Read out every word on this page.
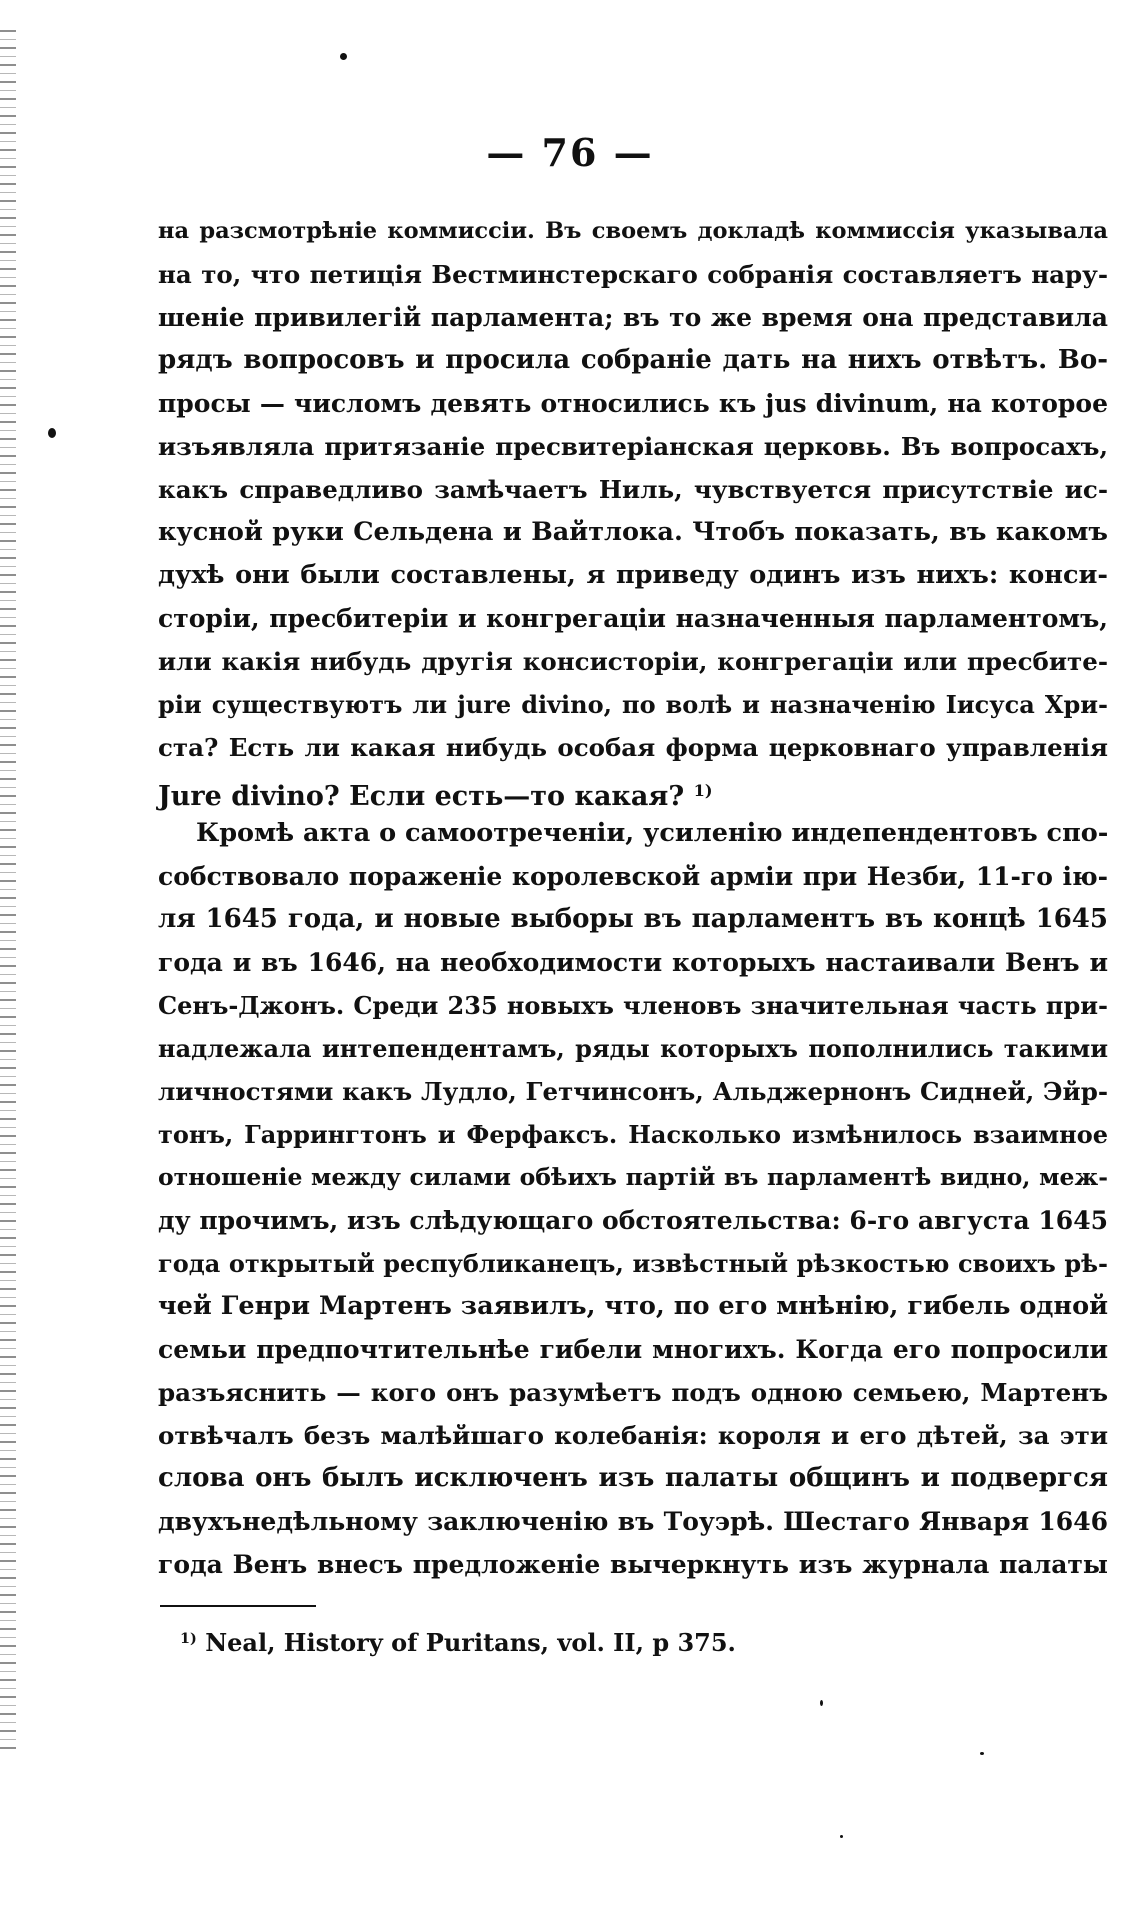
— 76 —
на разсмотрѣніе коммиссіи. Въ своемъ докладѣ коммиссія указывала
на то, что петиція Вестминстерскаго собранія составляетъ нару-
шеніе привилегій парламента; въ то же время она представила
рядъ вопросовъ и просила собраніе дать на нихъ отвѣтъ. Во-
просы — числомъ девять относились къ jus divinum, на которое
изъявляла притязаніе пресвитеріанская церковь. Въ вопросахъ,
какъ справедливо замѣчаетъ Ниль, чувствуется присутствіе ис-
кусной руки Сельдена и Вайтлока. Чтобъ показать, въ какомъ
духѣ они были составлены, я приведу одинъ изъ нихъ: конси-
сторіи, пресбитеріи и конгрегаціи назначенныя парламентомъ,
или какія нибудь другія консисторіи, конгрегаціи или пресбите-
ріи существуютъ ли jure divino, по волѣ и назначенію Іисуса Хри-
ста? Есть ли какая нибудь особая форма церковнаго управленія
Jure divino? Если есть—то какая? $^{1)}$
Кромѣ акта о самоотреченіи, усиленію индепендентовъ спо-
собствовало пораженіе королевской арміи при Незби, 11-го ію-
ля 1645 года, и новые выборы въ парламентъ въ концѣ 1645
года и въ 1646, на необходимости которыхъ настаивали Венъ и
Сенъ-Джонъ. Среди 235 новыхъ членовъ значительная часть при-
надлежала интепендентамъ, ряды которыхъ пополнились такими
личностями какъ Лудло, Гетчинсонъ, Альджернонъ Сидней, Эйр-
тонъ, Гаррингтонъ и Ферфаксъ. Насколько измѣнилось взаимное
отношеніе между силами обѣихъ партій въ парламентѣ видно, меж-
ду прочимъ, изъ слѣдующаго обстоятельства: 6-го августа 1645
года открытый республиканецъ, извѣстный рѣзкостью своихъ рѣ-
чей Генри Мартенъ заявилъ, что, по его мнѣнію, гибель одной
семьи предпочтительнѣе гибели многихъ. Когда его попросили
разъяснить — кого онъ разумѣетъ подъ одною семьею, Мартенъ
отвѣчалъ безъ малѣйшаго колебанія: короля и его дѣтей, за эти
слова онъ былъ исключенъ изъ палаты общинъ и подвергся
двухънедѣльному заключенію въ Тоуэрѣ. Шестаго Января 1646
года Венъ внесъ предложеніе вычеркнуть изъ журнала палаты
$^{1)}$ Neal, History of Puritans, vol. II, p 375.
